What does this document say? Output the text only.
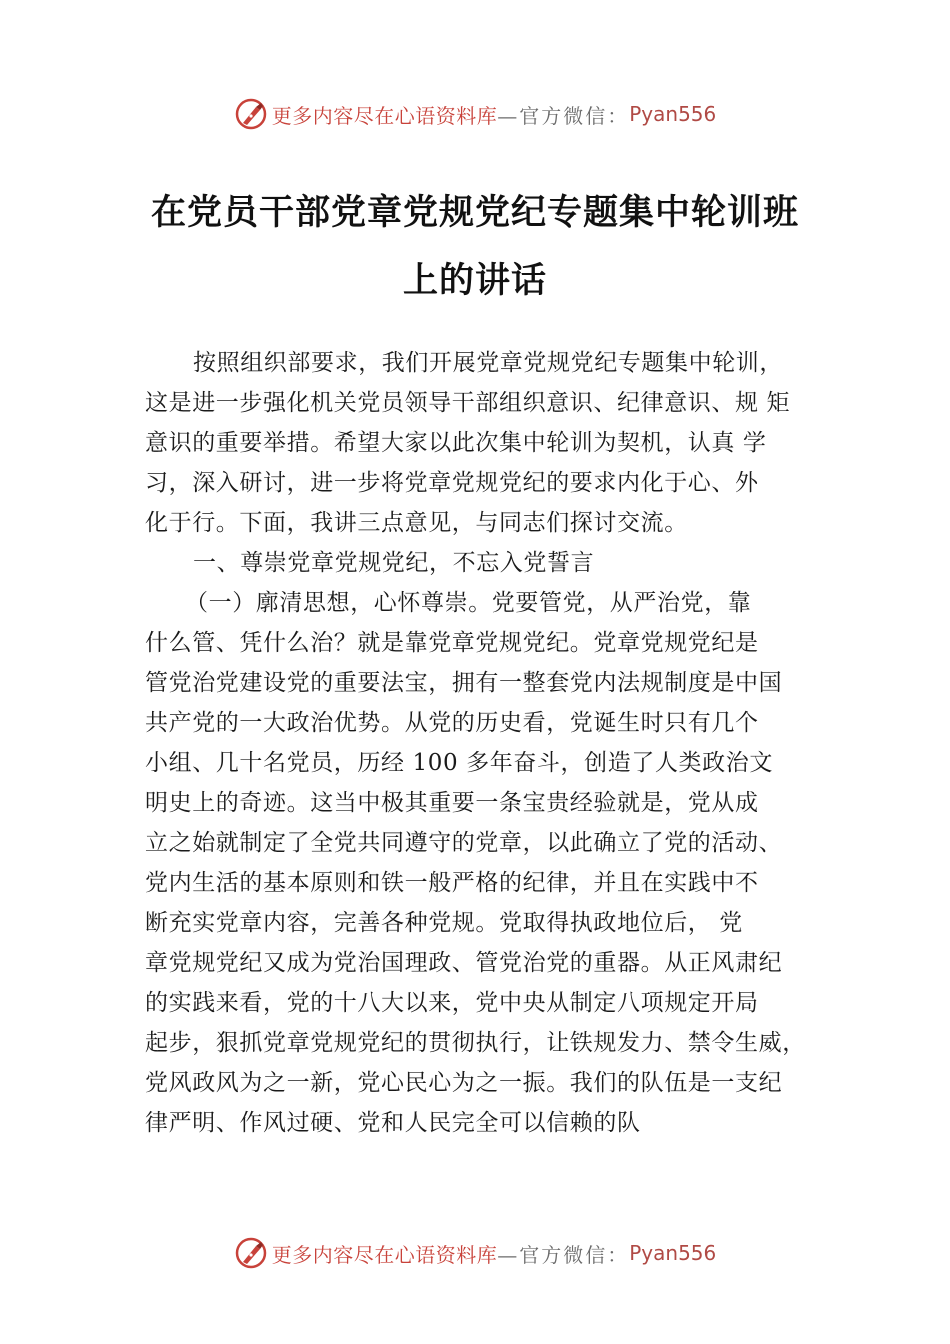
更多内容尽在心语资料库 —官方微信： Pyan556
在党员干部党章党规党纪专题集中轮训班
上的讲话
按照组织部要求，我们开展党章党规党纪专题集中轮训，
这是进一步强化机关党员领导干部组织意识、纪律意识、规 矩
意识的重要举措。希望大家以此次集中轮训为契机，认真 学
习，深入研讨，进一步将党章党规党纪的要求内化于心、外
化于行。下面，我讲三点意见，与同志们探讨交流。
一、尊崇党章党规党纪，不忘入党誓言
（一）廓清思想，心怀尊崇。党要管党，从严治党，靠
什么管、凭什么治？就是靠党章党规党纪。党章党规党纪是
管党治党建设党的重要法宝，拥有一整套党内法规制度是中国
共产党的一大政治优势。从党的历史看，党诞生时只有几个
小组、几十名党员，历经 100 多年奋斗，创造了人类政治文
明史上的奇迹。这当中极其重要一条宝贵经验就是，党从成
立之始就制定了全党共同遵守的党章，以此确立了党的活动、
党内生活的基本原则和铁一般严格的纪律，并且在实践中不
断充实党章内容，完善各种党规。党取得执政地位后， 党
章党规党纪又成为党治国理政、管党治党的重器。从正风肃纪
的实践来看，党的十八大以来，党中央从制定八项规定开局
起步，狠抓党章党规党纪的贯彻执行，让铁规发力、禁令生威，
党风政风为之一新，党心民心为之一振。我们的队伍是一支纪
律严明、作风过硬、党和人民完全可以信赖的队
更多内容尽在心语资料库 —官方微信： Pyan556
